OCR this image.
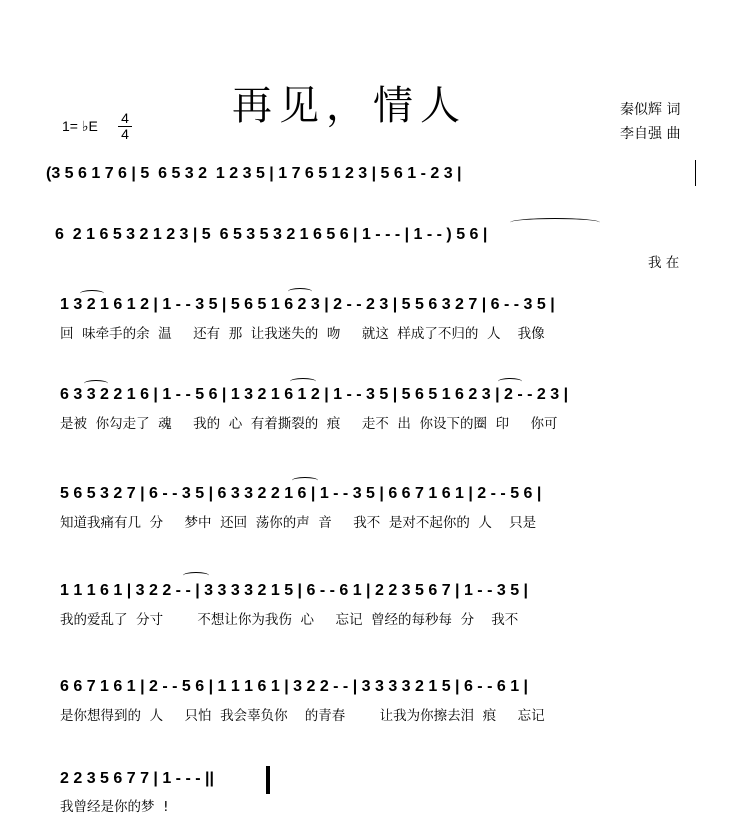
再见，情人
1= ♭E 4
4
秦似辉 词
李自强 曲
(3 5 6 1 7 6 | 5  6 5 3 2  1 2 3 5 | 1 7 6 5 1 2 3 | 5 6 1 - 2 3 |
6  2 1 6 5 3 2 1 2 3 | 5  6 5 3 5 3 2 1 6 5 6 | 1 - - - | 1 - - ) 5 6 |
我 在
1 3 2 1 6 1 2 | 1 - - 3 5 | 5 6 5 1 6 2 3 | 2 - - 2 3 | 5 5 6 3 2 7 | 6 - - 3 5 |
回  味牵手的余  温     还有  那  让我迷失的  吻     就这  样成了不归的  人    我像
6 3 3 2 2 1 6 | 1 - - 5 6 | 1 3 2 1 6 1 2 | 1 - - 3 5 | 5 6 5 1 6 2 3 | 2 - - 2 3 |
是被  你勾走了  魂     我的  心  有着撕裂的  痕     走不  出  你设下的圈  印     你可
5 6 5 3 2 7 | 6 - - 3 5 | 6 3 3 2 2 1 6 | 1 - - 3 5 | 6 6 7 1 6 1 | 2 - - 5 6 |
知道我痛有几  分     梦中  还回  荡你的声  音     我不  是对不起你的  人    只是
1 1 1 6 1 | 3 2 2 - - | 3 3 3 3 2 1 5 | 6 - - 6 1 | 2 2 3 5 6 7 | 1 - - 3 5 |
我的爱乱了  分寸        不想让你为我伤  心     忘记  曾经的每秒每  分    我不
6 6 7 1 6 1 | 2 - - 5 6 | 1 1 1 6 1 | 3 2 2 - - | 3 3 3 3 2 1 5 | 6 - - 6 1 |
是你想得到的  人     只怕  我会辜负你    的青春        让我为你擦去泪  痕     忘记
2 2 3 5 6 7 7 | 1 - - - ||
我曾经是你的梦  !
